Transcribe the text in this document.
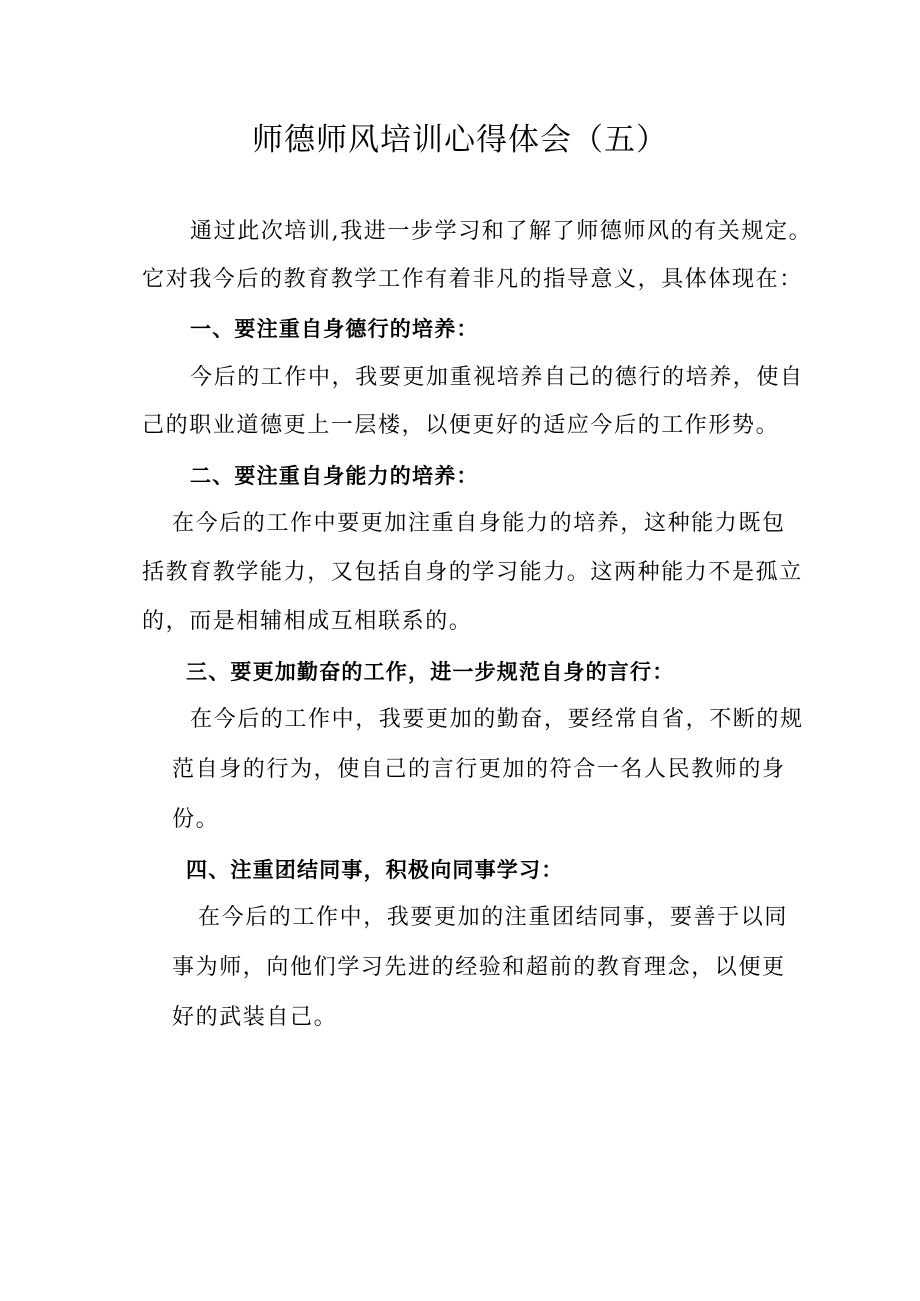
师德师风培训心得体会（五）
通过此次培训,我进一步学习和了解了师德师风的有关规定。
它对我今后的教育教学工作有着非凡的指导意义，具体体现在：
一、要注重自身德行的培养：
今后的工作中，我要更加重视培养自己的德行的培养，使自
己的职业道德更上一层楼，以便更好的适应今后的工作形势。
二、要注重自身能力的培养：
在今后的工作中要更加注重自身能力的培养，这种能力既包
括教育教学能力，又包括自身的学习能力。这两种能力不是孤立
的，而是相辅相成互相联系的。
三、要更加勤奋的工作，进一步规范自身的言行：
在今后的工作中，我要更加的勤奋，要经常自省，不断的规
范自身的行为，使自己的言行更加的符合一名人民教师的身
份。
四、注重团结同事，积极向同事学习：
在今后的工作中，我要更加的注重团结同事，要善于以同
事为师，向他们学习先进的经验和超前的教育理念，以便更
好的武装自己。
